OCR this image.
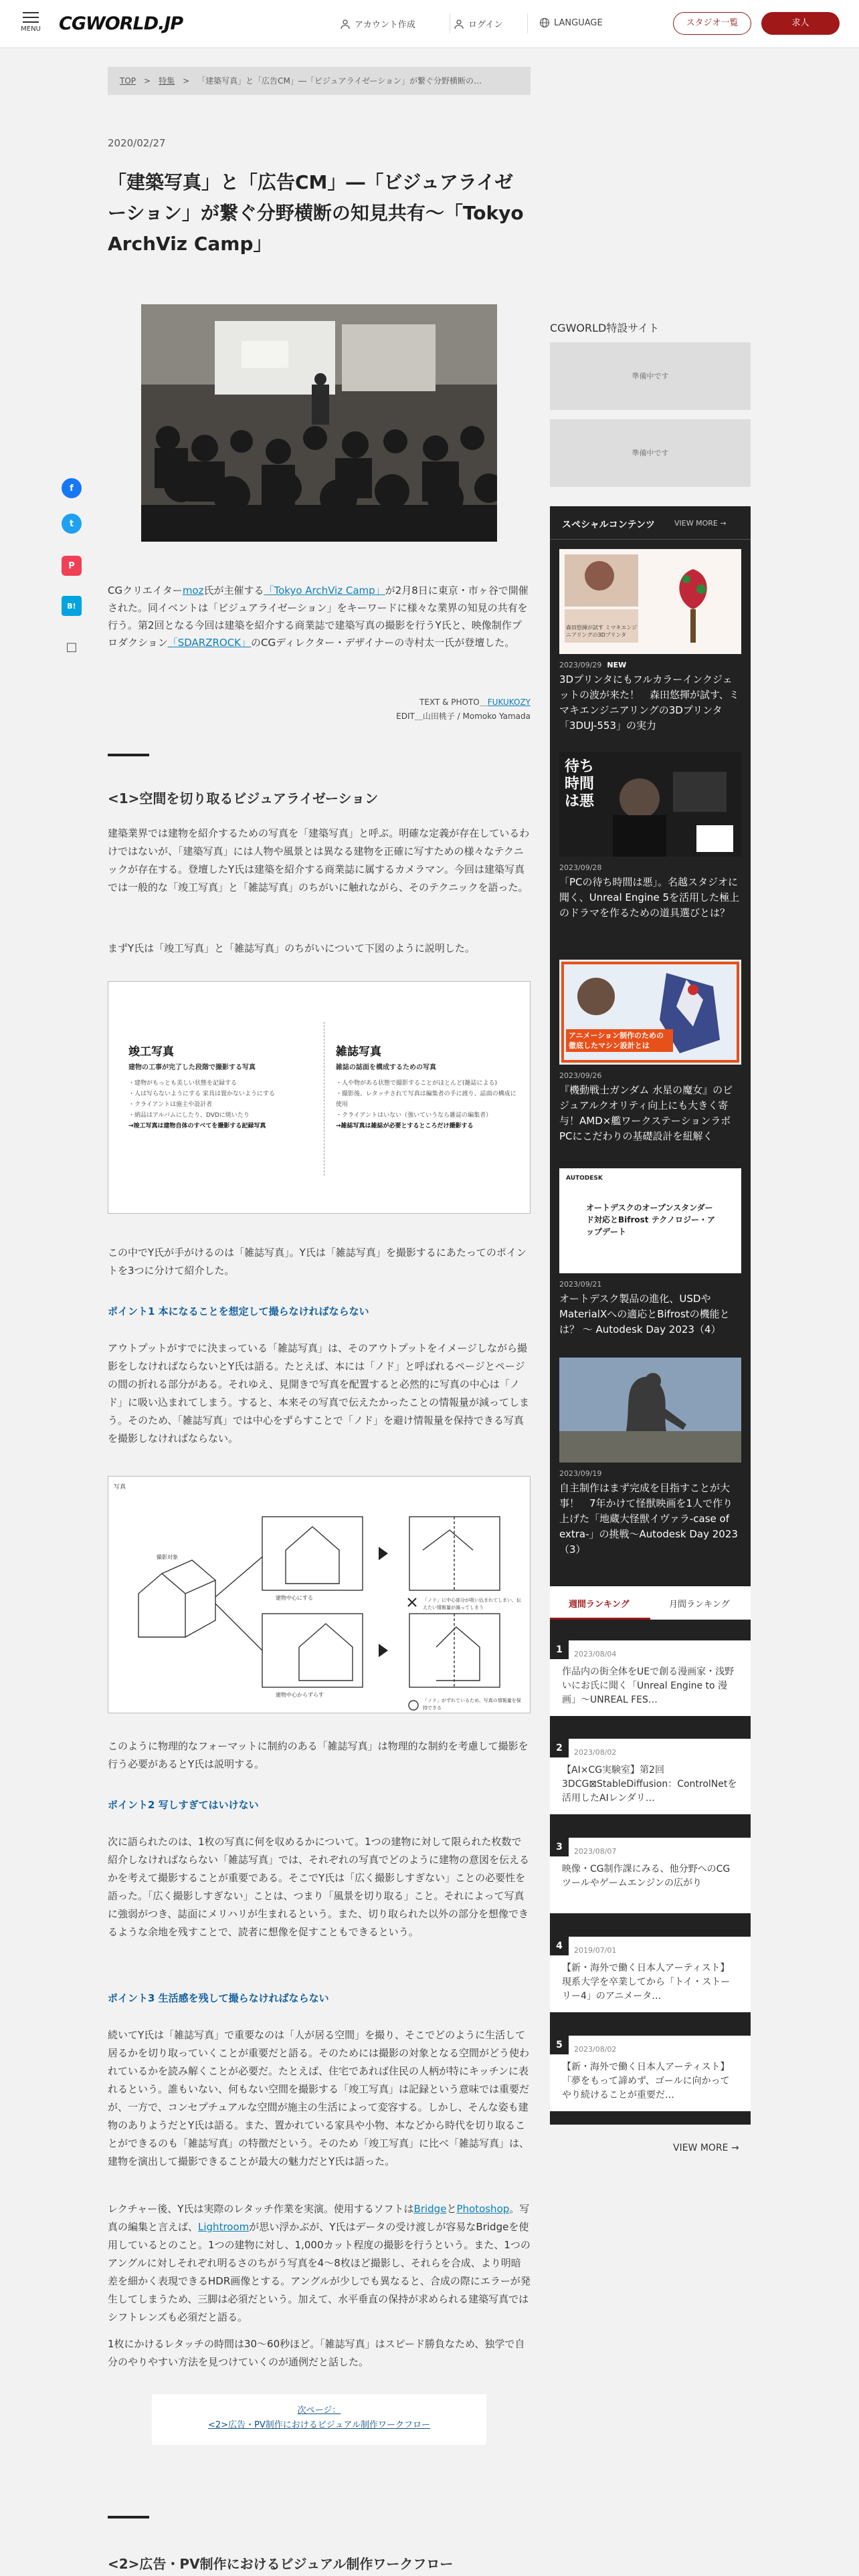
MENU CGWORLD.JP	アカウント作成	ログイン	LANGUAGE	スタジオ一覧	求人
TOP > 特集 > 「建築写真」と「広告CM」―「ビジュアライゼーション」が繋ぐ分野横断の…
f
t
P
B!
□
2020/02/27
「建築写真」と「広告CM」―「ビジュアライゼーション」が繋ぐ分野横断の知見共有～「Tokyo ArchViz Camp」

CGクリエイターmoz氏が主催する「Tokyo ArchViz Camp」が2月8日に東京・市ヶ谷で開催された。同イベントは「ビジュアライゼーション」をキーワードに様々な業界の知見の共有を行う。第2回となる今回は建築を紹介する商業誌で建築写真の撮影を行うY氏と、映像制作プロダクション「SDARZROCK」のCGディレクター・デザイナーの寺村太一氏が登壇した。

TEXT & PHOTO＿FUKUKOZY
EDIT＿山田桃子 / Momoko Yamada
<1>空間を切り取るビジュアライゼーション

建築業界では建物を紹介するための写真を「建築写真」と呼ぶ。明確な定義が存在しているわけではないが、「建築写真」には人物や風景とは異なる建物を正確に写すための様々なテクニックが存在する。登壇したY氏は建築を紹介する商業誌に属するカメラマン。今回は建築写真では一般的な「竣工写真」と「雑誌写真」のちがいに触れながら、そのテクニックを語った。

まずY氏は「竣工写真」と「雑誌写真」のちがいについて下図のように説明した。

竣工写真
建物の工事が完了した段階で撮影する写真
・建物がもっとも美しい状態を記録する
・人は写らないようにする 家具は置かないようにする
・クライアントは施主や設計者
・納品はアルバムにしたり、DVDに焼いたり
→竣工写真は建物自体のすべてを撮影する記録写真
雑誌写真
雑誌の誌面を構成するための写真
・人や物がある状態で撮影することがほとんど(雑誌による)
・撮影後、レタッチされて写真は編集者の手に渡り、誌面の構成に使用
・クライアントはいない（強いていうなら雑誌の編集者）
→雑誌写真は雑誌が必要とするところだけ撮影する

この中でY氏が手がけるのは「雑誌写真」。Y氏は「雑誌写真」を撮影するにあたってのポイントを3つに分けて紹介した。

ポイント1 本になることを想定して撮らなければならない

アウトプットがすでに決まっている「雑誌写真」は、そのアウトプットをイメージしながら撮影をしなければならないとY氏は語る。たとえば、本には「ノド」と呼ばれるページとページの間の折れる部分がある。それゆえ、見開きで写真を配置すると必然的に写真の中心は「ノド」に吸い込まれてしまう。すると、本来その写真で伝えたかったことの情報量が減ってしまう。そのため、「雑誌写真」では中心をずらすことで「ノド」を避け情報量を保持できる写真を撮影しなければならない。

写真
撮影対象
建物中心にする
建物中心からずらす
「ノド」に中心部分が吸い込まれてしまい、伝えたい情報量が減ってしまう
「ノド」がずれているため、写真の情報量を保持できる

このように物理的なフォーマットに制約のある「雑誌写真」は物理的な制約を考慮して撮影を行う必要があるとY氏は説明する。

ポイント2 写しすぎてはいけない

次に語られたのは、1枚の写真に何を収めるかについて。1つの建物に対して限られた枚数で紹介しなければならない「雑誌写真」では、それぞれの写真でどのように建物の意図を伝えるかを考えて撮影することが重要である。そこでY氏は「広く撮影しすぎない」ことの必要性を語った。「広く撮影しすぎない」ことは、つまり「風景を切り取る」こと。それによって写真に強弱がつき、誌面にメリハリが生まれるという。また、切り取られた以外の部分を想像できるような余地を残すことで、読者に想像を促すこともできるという。

ポイント3 生活感を残して撮らなければならない

続いてY氏は「雑誌写真」で重要なのは「人が居る空間」を撮り、そこでどのように生活して居るかを切り取っていくことが重要だと語る。そのためには撮影の対象となる空間がどう使われているかを読み解くことが必要だ。たとえば、住宅であれば住民の人柄が特にキッチンに表れるという。誰もいない、何もない空間を撮影する「竣工写真」は記録という意味では重要だが、一方で、コンセプチュアルな空間が施主の生活によって変容する。しかし、そんな姿も建物のありようだとY氏は語る。また、置かれている家具や小物、本などから時代を切り取ることができるのも「雑誌写真」の特徴だという。そのため「竣工写真」に比べ「雑誌写真」は、建物を演出して撮影できることが最大の魅力だとY氏は語った。

レクチャー後、Y氏は実際のレタッチ作業を実演。使用するソフトはBridgeとPhotoshop。写真の編集と言えば、Lightroomが思い浮かぶが、Y氏はデータの受け渡しが容易なBridgeを使用しているとのこと。1つの建物に対し、1,000カット程度の撮影を行うという。また、1つのアングルに対しそれぞれ明るさのちがう写真を4～8枚ほど撮影し、それらを合成、より明暗差を細かく表現できるHDR画像とする。アングルが少しでも異なると、合成の際にエラーが発生してしまうため、三脚は必須だという。加えて、水平垂直の保持が求められる建築写真ではシフトレンズも必須だと語る。

1枚にかけるレタッチの時間は30～60秒ほど。「雑誌写真」はスピード勝負なため、独学で自分のやりやすい方法を見つけていくのが通例だと話した。

次ページ：
<2>広告・PV制作におけるビジュアル制作ワークフロー
<2>広告・PV制作におけるビジュアル制作ワークフロー
CGWORLD特設サイト
準備中です
準備中です
スペシャルコンテンツ	VIEW MORE →
森田悠揮が試す ミマキエンジニアリングの3Dプリンタ
2023/09/29 NEW
3Dプリンタにもフルカラーインクジェットの波が来た！　森田悠揮が試す、ミマキエンジニアリングの3Dプリンタ「3DUJ-553」の実力
待ち時間は悪
2023/09/28
「PCの待ち時間は悪」。名越スタジオに聞く、Unreal Engine 5を活用した極上のドラマを作るための道具選びとは？
アニメーション制作のための徹底したマシン設計とは
2023/09/26
『機動戦士ガンダム 水星の魔女』のビジュアルクオリティ向上にも大きく寄与！AMD×艦ワークステーションラボPCにこだわりの基礎設計を紐解く
AUTODESK
オートデスクのオープンスタンダード対応とBifrost テクノロジー・アップデート
2023/09/21
オートデスク製品の進化、USDやMaterialXへの適応とBifrostの機能とは？ ～ Autodesk Day 2023（4）
2023/09/19
自主制作はまず完成を目指すことが大事！　7年かけて怪獣映画を1人で作り上げた「地蔵大怪獣イヴァラ-case of extra-」の挑戦～Autodesk Day 2023（3）
週間ランキング	月間ランキング
1	2023/08/04
作品内の街全体をUEで創る漫画家・浅野いにお氏に聞く「Unreal Engine to 漫画」～UNREAL FES…
2	2023/08/02
【AI×CG実験室】第2回 3DCG⊠StableDiffusion：ControlNetを活用したAIレンダリ…
3	2023/08/07
映像・CG制作課にみる、他分野へのCGツールやゲームエンジンの広がり
4	2019/07/01
【新・海外で働く日本人アーティスト】現系大学を卒業してから「トイ・ストーリー4」のアニメータ…
5	2023/08/02
【新・海外で働く日本人アーティスト】「夢をもって諦めず、ゴールに向かってやり続けることが重要だ…
VIEW MORE →
